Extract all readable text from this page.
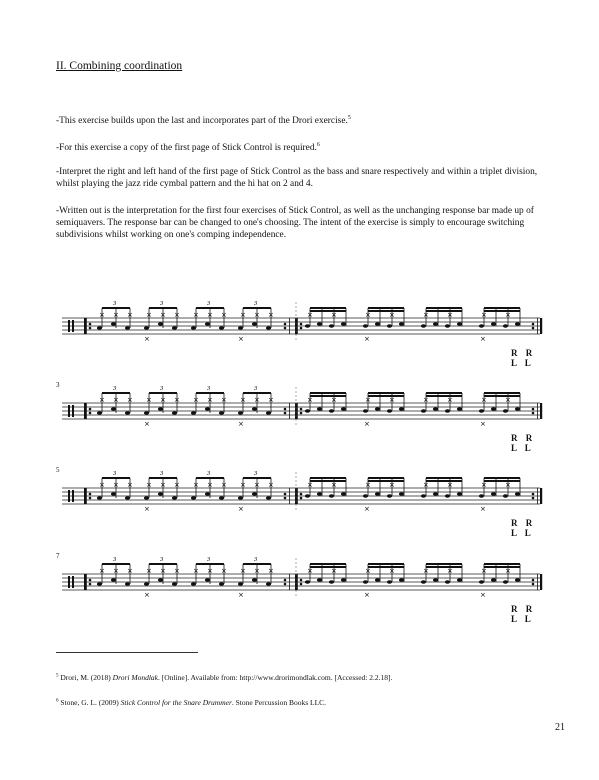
II. Combining coordination
-This exercise builds upon the last and incorporates part of the Drori exercise.$^5$
-For this exercise a copy of the first page of Stick Control is required.$^6$
-Interpret the right and left hand of the first page of Stick Control as the bass and snare respectively and within a triplet division, whilst playing the jazz ride cymbal pattern and the hi hat on 2 and 4.
-Written out is the interpretation for the first four exercises of Stick Control, as well as the unchanging response bar made up of semiquavers. The response bar can be changed to one's choosing. The intent of the exercise is simply to encourage switching subdivisions whilst working on one's comping independence.
× × ×
3
× × ×
3
×
× × ×
3
× × ×
3
×
×	×	×	×
×
×	×	×	×
×
R R L L
3
× × ×
3
× × ×
3
×
× × ×
3
× × ×
3
×
×	×	×	×
×
×	×	×	×
×
R R L L
5
× × ×
3
× × ×
3
×
× × ×
3
× × ×
3
×
×	×	×	×
×
×	×	×	×
×
R R L L
7
× × ×
3
× × ×
3
×
× × ×
3
× × ×
3
×
×	×	×	×
×
×	×	×	×
×
R R L L
$^5$ Drori, M. (2018) Drori Mondlak. [Online]. Available from: http://www.drorimondlak.com. [Accessed: 2.2.18].
$^6$ Stone, G. L. (2009) Stick Control for the Snare Drummer. Stone Percussion Books LLC.
21
